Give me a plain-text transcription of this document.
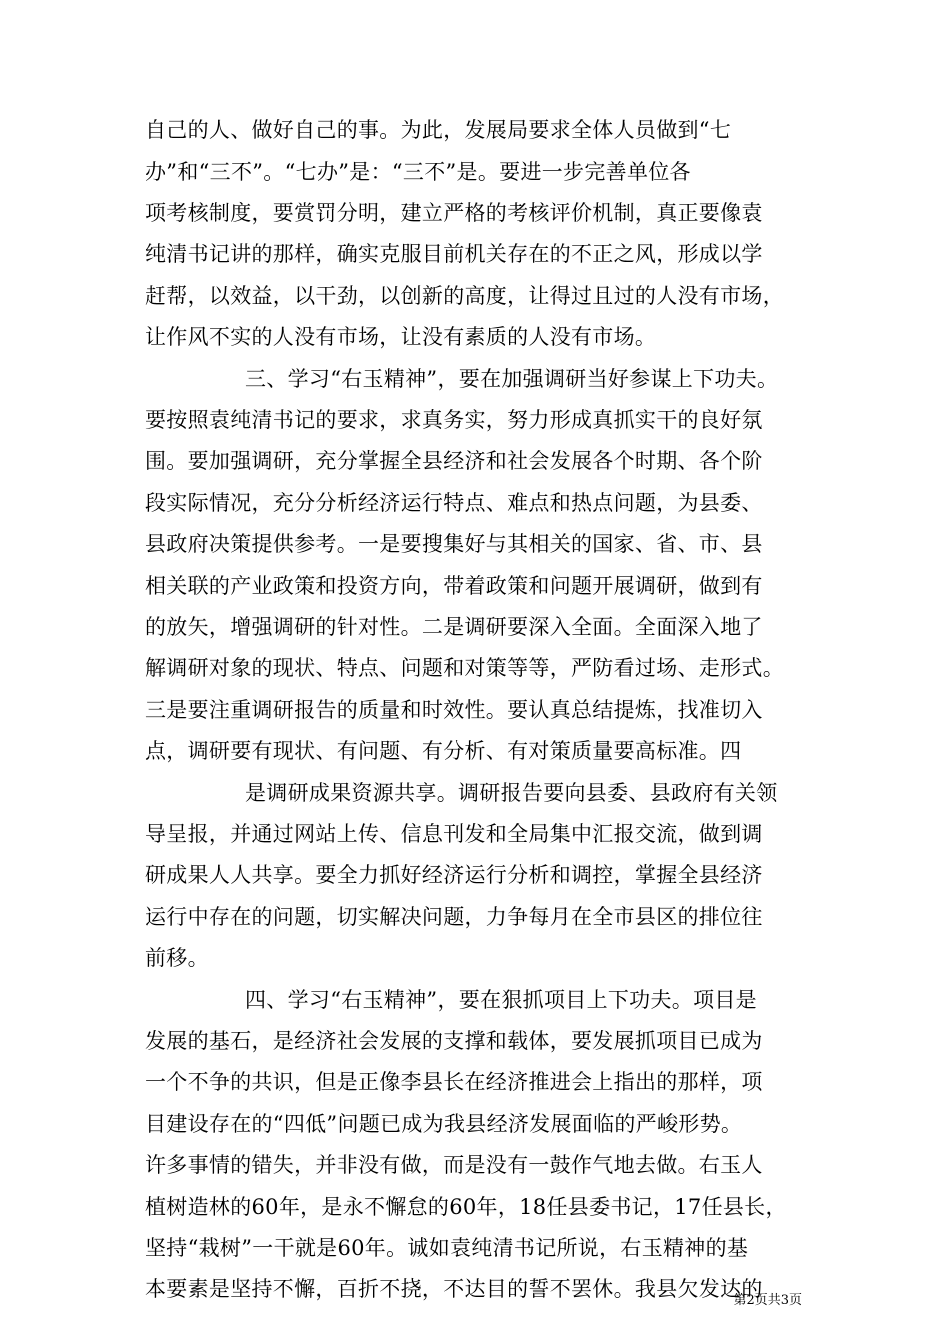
自己的人、做好自己的事。为此，发展局要求全体人员做到“七
办”和“三不”。“七办”是：“三不”是。要进一步完善单位各
项考核制度，要赏罚分明，建立严格的考核评价机制，真正要像袁
纯清书记讲的那样，确实克服目前机关存在的不正之风，形成以学
赶帮，以效益，以干劲，以创新的高度，让得过且过的人没有市场，
让作风不实的人没有市场，让没有素质的人没有市场。
三、学习“右玉精神”，要在加强调研当好参谋上下功夫。
要按照袁纯清书记的要求，求真务实，努力形成真抓实干的良好氛
围。要加强调研，充分掌握全县经济和社会发展各个时期、各个阶
段实际情况，充分分析经济运行特点、难点和热点问题，为县委、
县政府决策提供参考。一是要搜集好与其相关的国家、省、市、县
相关联的产业政策和投资方向，带着政策和问题开展调研，做到有
的放矢，增强调研的针对性。二是调研要深入全面。全面深入地了
解调研对象的现状、特点、问题和对策等等，严防看过场、走形式。
三是要注重调研报告的质量和时效性。要认真总结提炼，找准切入
点，调研要有现状、有问题、有分析、有对策质量要高标准。四
是调研成果资源共享。调研报告要向县委、县政府有关领
导呈报，并通过网站上传、信息刊发和全局集中汇报交流，做到调
研成果人人共享。要全力抓好经济运行分析和调控，掌握全县经济
运行中存在的问题，切实解决问题，力争每月在全市县区的排位往
前移。
四、学习“右玉精神”，要在狠抓项目上下功夫。项目是
发展的基石，是经济社会发展的支撑和载体，要发展抓项目已成为
一个不争的共识，但是正像李县长在经济推进会上指出的那样，项
目建设存在的“四低”问题已成为我县经济发展面临的严峻形势。
许多事情的错失，并非没有做，而是没有一鼓作气地去做。右玉人
植树造林的60年，是永不懈怠的60年，18任县委书记，17任县长，
坚持“栽树”一干就是60年。诚如袁纯清书记所说，右玉精神的基
本要素是坚持不懈，百折不挠，不达目的誓不罢休。我县欠发达的
第2页共3页
